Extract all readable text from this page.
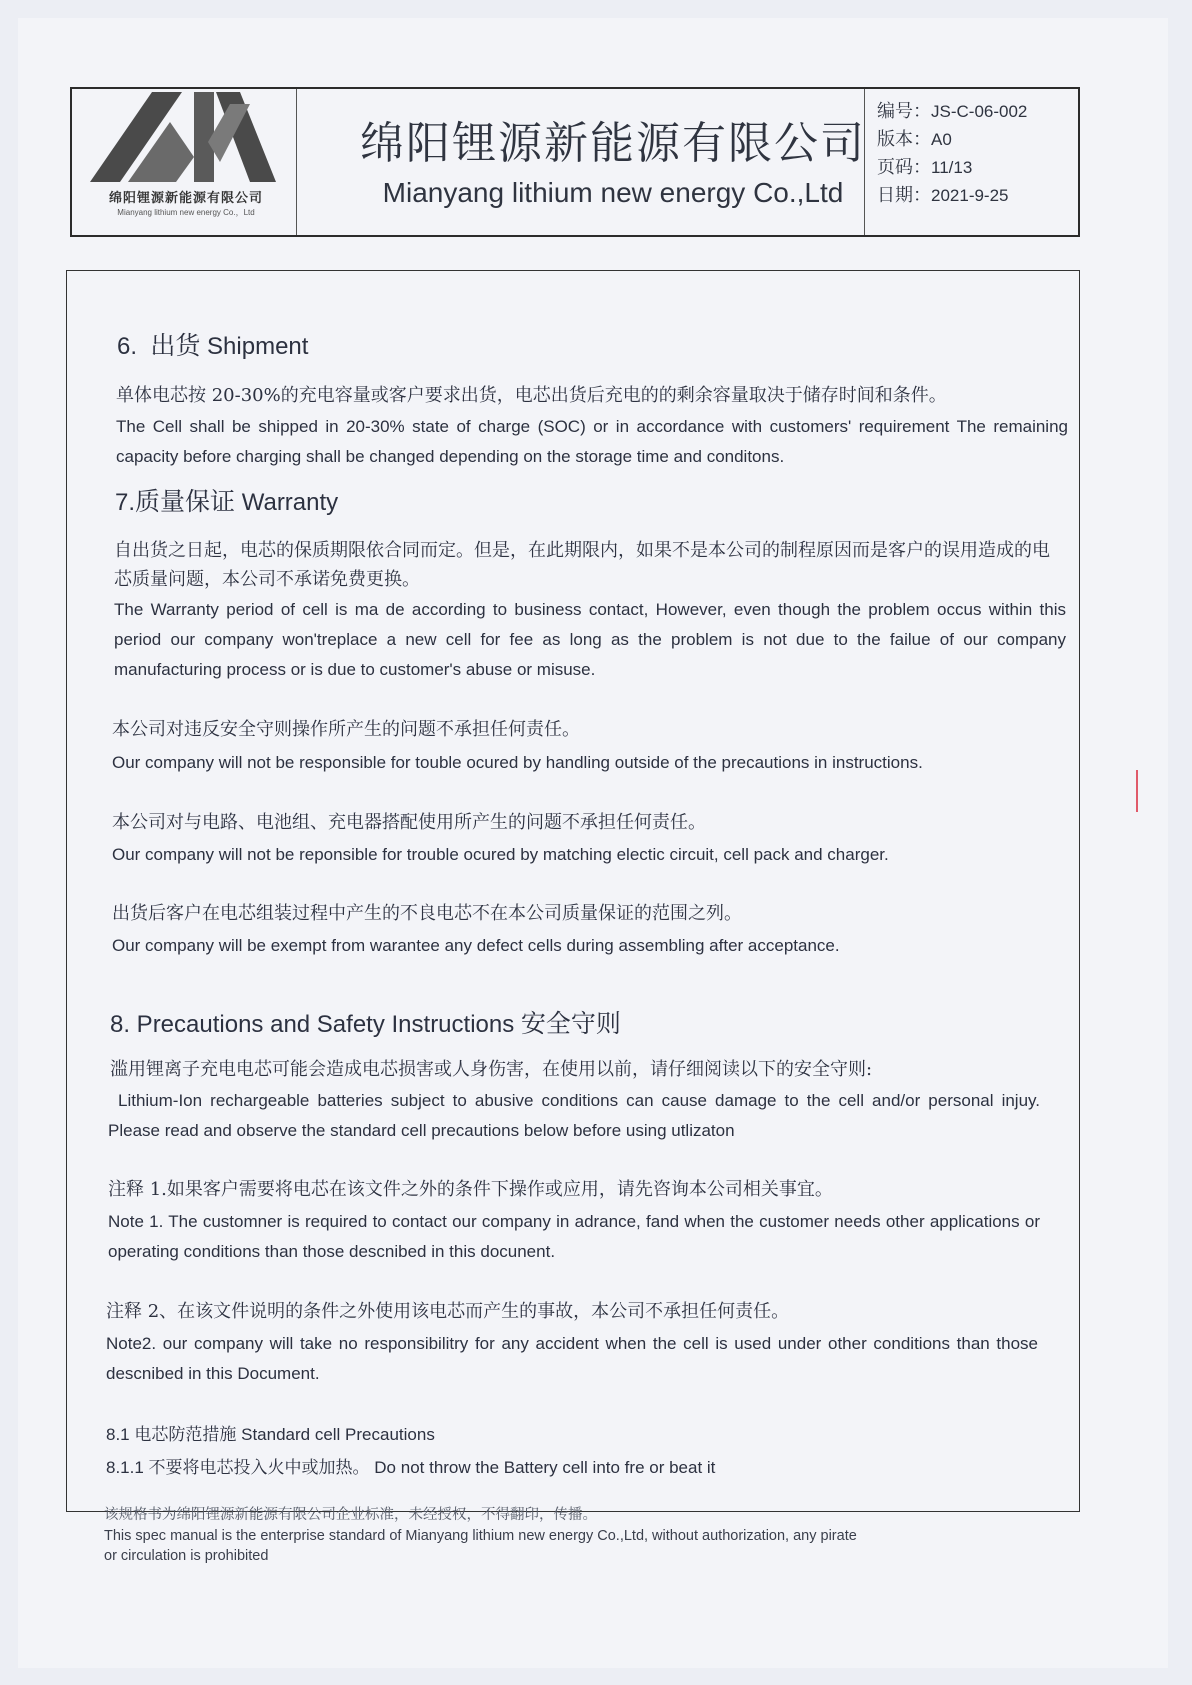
绵阳锂源新能源有限公司
Mianyang lithium new energy Co.，Ltd
绵阳锂源新能源有限公司
Mianyang lithium new energy Co.,Ltd
编号：JS-C-06-002
版本：A0
页码：11/13
日期：2021-9-25
6. 出货 Shipment
单体电芯按 20-30%的充电容量或客户要求出货，电芯出货后充电的的剩余容量取决于储存时间和条件。
The Cell shall be shipped in 20-30% state of charge (SOC) or in accordance with customers' requirement The remaining capacity before charging shall be changed depending on the storage time and conditons.
7.质量保证 Warranty
自出货之日起，电芯的保质期限依合同而定。但是，在此期限内，如果不是本公司的制程原因而是客户的误用造成的电芯质量问题，本公司不承诺免费更换。
The Warranty period of cell is ma de according to business contact, However, even though the problem occus within this period our company won'treplace a new cell for fee as long as the problem is not due to the failue of our company manufacturing process or is due to customer's abuse or misuse.
本公司对违反安全守则操作所产生的问题不承担任何责任。
Our company will not be responsible for touble ocured by handling outside of the precautions in instructions.
本公司对与电路、电池组、充电器搭配使用所产生的问题不承担任何责任。
Our company will not be reponsible for trouble ocured by matching electic circuit, cell pack and charger.
出货后客户在电芯组装过程中产生的不良电芯不在本公司质量保证的范围之列。
Our company will be exempt from warantee any defect cells during assembling after acceptance.
8. Precautions and Safety Instructions 安全守则
滥用锂离子充电电芯可能会造成电芯损害或人身伤害，在使用以前，请仔细阅读以下的安全守则:
Lithium-Ion rechargeable batteries subject to abusive conditions can cause damage to the cell and/or personal injuy. Please read and observe the standard cell precautions below before using utlizaton
注释 1.如果客户需要将电芯在该文件之外的条件下操作或应用，请先咨询本公司相关事宜。
Note 1. The customner is required to contact our company in adrance, fand when the customer needs other applications or operating conditions than those descnibed in this docunent.
注释 2、在该文件说明的条件之外使用该电芯而产生的事故，本公司不承担任何责任。
Note2. our company will take no responsibilitry for any accident when the cell is used under other conditions than those descnibed in this Document.
8.1 电芯防范措施 Standard cell Precautions
8.1.1 不要将电芯投入火中或加热。 Do not throw the Battery cell into fre or beat it
该规格书为绵阳锂源新能源有限公司企业标准，未经授权，不得翻印，传播。
This spec manual is the enterprise standard of Mianyang lithium new energy Co.,Ltd, without authorization, any pirate
or circulation is prohibited
